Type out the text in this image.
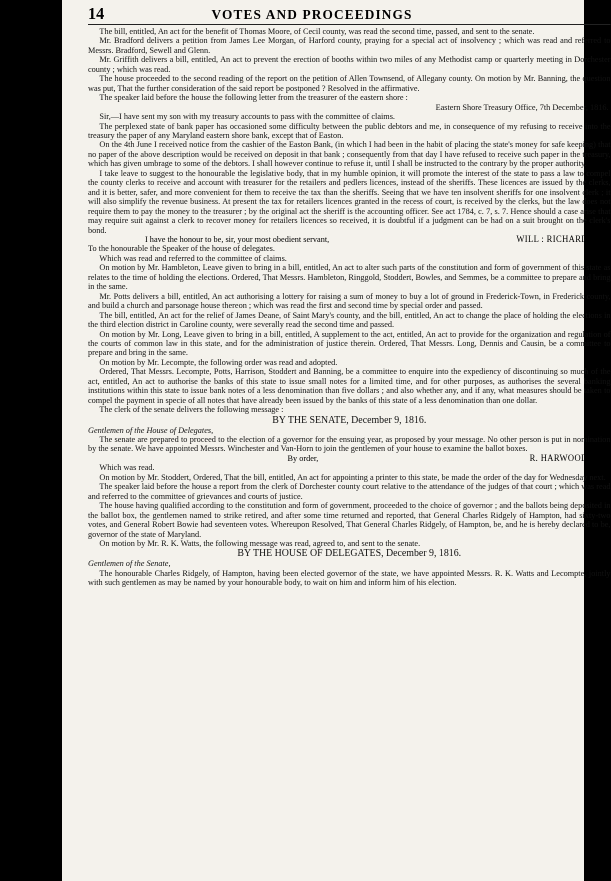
14	VOTES AND PROCEEDINGS

The bill, entitled, An act for the benefit of Thomas Moore, of Cecil county, was read the second time, passed, and sent to the senate.

Mr. Bradford delivers a petition from James Lee Morgan, of Harford county, praying for a special act of insolvency ; which was read and referred to Messrs. Bradford, Sewell and Glenn.

Mr. Griffith delivers a bill, entitled, An act to prevent the erection of booths within two miles of any Methodist camp or quarterly meeting in Dorchester county ; which was read.

The house proceeded to the second reading of the report on the petition of Allen Townsend, of Allegany county. On motion by Mr. Banning, the question was put, That the further consideration of the said report be postponed ? Resolved in the affirmative.

The speaker laid before the house the following letter from the treasurer of the eastern shore :

Eastern Shore Treasury Office, 7th December, 1816.

Sir,—I have sent my son with my treasury accounts to pass with the committee of claims.

The perplexed state of bank paper has occasioned some difficulty between the public debtors and me, in consequence of my refusing to receive into the treasury the paper of any Maryland eastern shore bank, except that of Easton.

On the 4th June I received notice from the cashier of the Easton Bank, (in which I had been in the habit of placing the state's money for safe keeping) that no paper of the above description would be received on deposit in that bank ; consequently from that day I have refused to receive such paper in the treasury, which has given umbrage to some of the debtors. I shall however continue to refuse it, until I shall be instructed to the contrary by the proper authority.

I take leave to suggest to the honourable the legislative body, that in my humble opinion, it will promote the interest of the state to pass a law to compel the county clerks to receive and account with treasurer for the retailers and pedlers licences, instead of the sheriffs. These licences are issued by the clerks, and it is better, safer, and more convenient for them to receive the tax than the sheriffs. Seeing that we have ten insolvent sheriffs for one insolvent clerk ; it will also simplify the revenue business. At present the tax for retailers licences granted in the recess of court, is received by the clerks, but the law does not require them to pay the money to the treasurer ; by the original act the sheriff is the accounting officer. See act 1784, c. 7, s. 7. Hence should a case arise that may require suit against a clerk to recover money for retailers licences so received, it is doubtful if a judgment can be had on a suit brought on the clerk's bond.

I have the honour to be, sir, your most obedient servant,	WILL : RICHARDSON.

To the honourable the Speaker of the house of delegates.

Which was read and referred to the committee of claims.

On motion by Mr. Hambleton, Leave given to bring in a bill, entitled, An act to alter such parts of the constitution and form of government of this state as relates to the time of holding the elections. Ordered, That Messrs. Hambleton, Ringgold, Stoddert, Bowles, and Semmes, be a committee to prepare and bring in the same.

Mr. Potts delivers a bill, entitled, An act authorising a lottery for raising a sum of money to buy a lot of ground in Frederick-Town, in Frederick county, and build a church and parsonage house thereon ; which was read the first and second time by special order and passed.

The bill, entitled, An act for the relief of James Deane, of Saint Mary's county, and the bill, entitled, An act to change the place of holding the elections in the third election district in Caroline county, were severally read the second time and passed.

On motion by Mr. Long, Leave given to bring in a bill, entitled, A supplement to the act, entitled, An act to provide for the organization and regulation of the courts of common law in this state, and for the administration of justice therein. Ordered, That Messrs. Long, Dennis and Causin, be a committee to prepare and bring in the same.

On motion by Mr. Lecompte, the following order was read and adopted.

Ordered, That Messrs. Lecompte, Potts, Harrison, Stoddert and Banning, be a committee to enquire into the expediency of discontinuing so much of the act, entitled, An act to authorise the banks of this state to issue small notes for a limited time, and for other purposes, as authorises the several banking institutions within this state to issue bank notes of a less denomination than five dollars ; and also whether any, and if any, what measures should be taken to compel the payment in specie of all notes that have already been issued by the banks of this state of a less denomination than one dollar.

The clerk of the senate delivers the following message :

BY THE SENATE, December 9, 1816.

Gentlemen of the House of Delegates,

The senate are prepared to proceed to the election of a governor for the ensuing year, as proposed by your message. No other person is put in nomination by the senate. We have appointed Messrs. Winchester and Van-Horn to join the gentlemen of your house to examine the ballot boxes.

By order,	R. HARWOOD, Clk.

Which was read.

On motion by Mr. Stoddert, Ordered, That the bill, entitled, An act for appointing a printer to this state, be made the order of the day for Wednesday next.

The speaker laid before the house a report from the clerk of Dorchester county court relative to the attendance of the judges of that court ; which was read and referred to the committee of grievances and courts of justice.

The house having qualified according to the constitution and form of government, proceeded to the choice of governor ; and the ballots being deposited in the ballot box, the gentlemen named to strike retired, and after some time returned and reported, that General Charles Ridgely of Hampton, had sixty-two votes, and General Robert Bowie had seventeen votes. Whereupon Resolved, That General Charles Ridgely, of Hampton, be, and he is hereby declared to be, governor of the state of Maryland.

On motion by Mr. R. K. Watts, the following message was read, agreed to, and sent to the senate.

BY THE HOUSE OF DELEGATES, December 9, 1816.

Gentlemen of the Senate,

The honourable Charles Ridgely, of Hampton, having been elected governor of the state, we have appointed Messrs. R. K. Watts and Lecompte, jointly with such gentlemen as may be named by your honourable body, to wait on him and inform him of his election.
